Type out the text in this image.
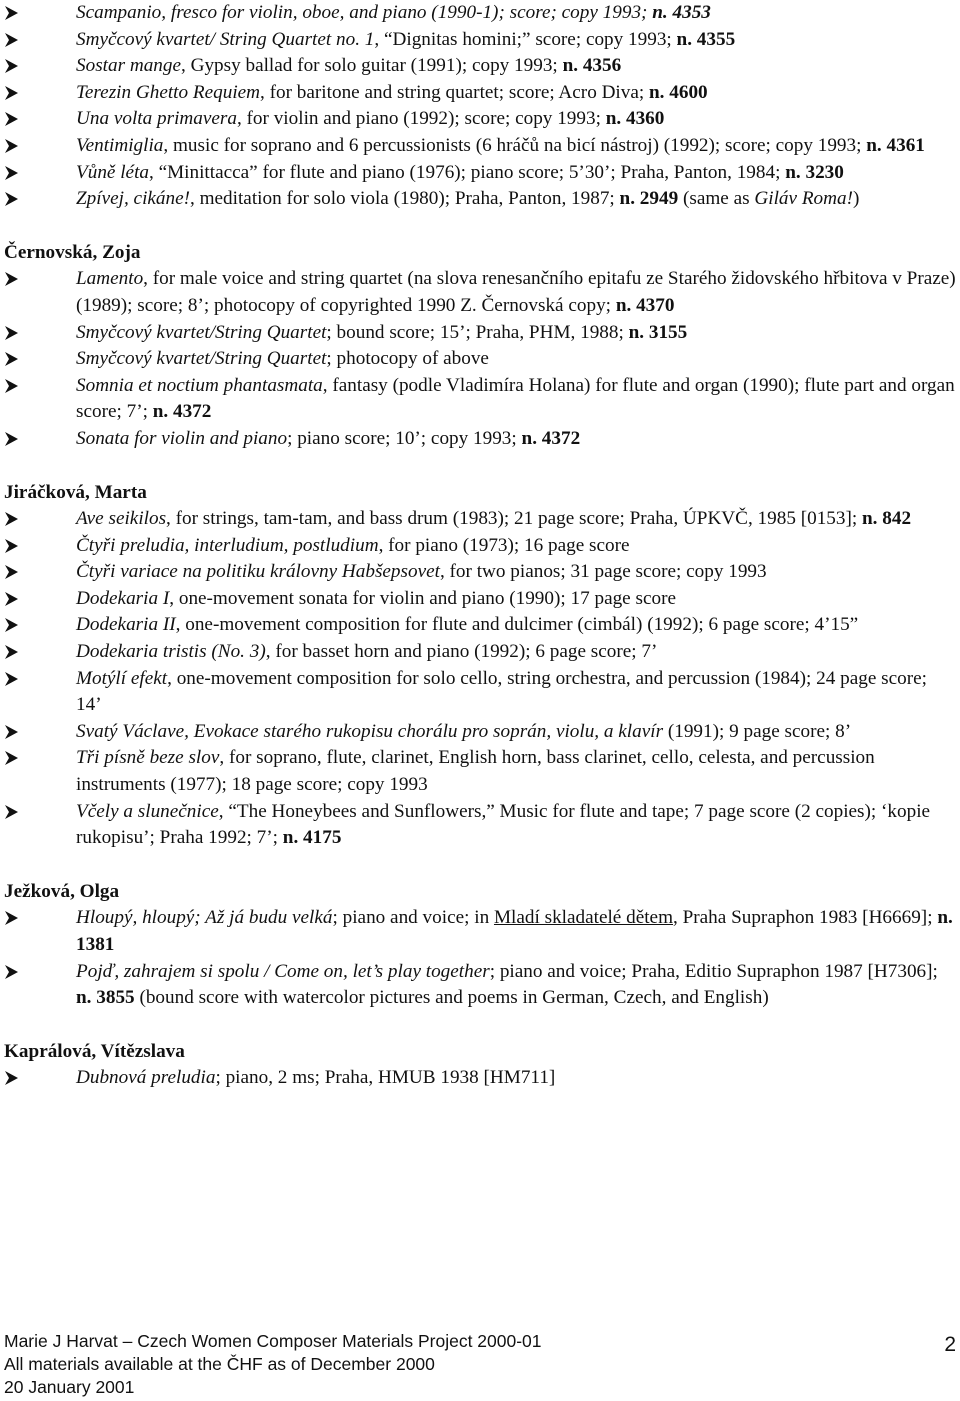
Scampanio, fresco for violin, oboe, and piano (1990-1); score; copy 1993; n. 4353
Smyčcový kvartet/ String Quartet no. 1, “Dignitas homini;” score; copy 1993; n. 4355
Sostar mange, Gypsy ballad for solo guitar (1991); copy 1993; n. 4356
Terezin Ghetto Requiem, for baritone and string quartet; score; Acro Diva; n. 4600
Una volta primavera, for violin and piano (1992); score; copy 1993; n. 4360
Ventimiglia, music for soprano and 6 percussionists (6 hráčů na bicí nástroj) (1992); score; copy 1993; n. 4361
Vůně léta, “Minittacca” for flute and piano (1976); piano score; 5’30’; Praha, Panton, 1984; n. 3230
Zpívej, cikáne!, meditation for solo viola (1980); Praha, Panton, 1987; n. 2949 (same as Giláv Roma!)
Černovská, Zoja
Lamento, for male voice and string quartet (na slova renesančního epitafu ze Starého židovského hřbitova v Praze) (1989); score; 8’; photocopy of copyrighted 1990 Z. Černovská copy; n. 4370
Smyčcový kvartet/String Quartet; bound score; 15’; Praha, PHM, 1988; n. 3155
Smyčcový kvartet/String Quartet; photocopy of above
Somnia et noctium phantasmata, fantasy (podle Vladimíra Holana) for flute and organ (1990); flute part and organ score; 7’; n. 4372
Sonata for violin and piano; piano score; 10’; copy 1993; n. 4372
Jiráčková, Marta
Ave seikilos, for strings, tam-tam, and bass drum (1983); 21 page score; Praha, ÚPKVČ, 1985 [0153]; n. 842
Čtyři preludia, interludium, postludium, for piano (1973); 16 page score
Čtyři variace na politiku královny Habšepsovet, for two pianos; 31 page score; copy 1993
Dodekaria I, one-movement sonata for violin and piano (1990); 17 page score
Dodekaria II, one-movement composition for flute and dulcimer (cimbál) (1992); 6 page score; 4’15”
Dodekaria tristis (No. 3), for basset horn and piano (1992); 6 page score; 7’
Motýlí efekt, one-movement composition for solo cello, string orchestra, and percussion (1984); 24 page score; 14’
Svatý Václave, Evokace starého rukopisu chorálu pro soprán, violu, a klavír (1991); 9 page score; 8’
Tři písně beze slov, for soprano, flute, clarinet, English horn, bass clarinet, cello, celesta, and percussion instruments (1977); 18 page score; copy 1993
Včely a slunečnice, “The Honeybees and Sunflowers,” Music for flute and tape; 7 page score (2 copies); ‘kopie rukopisu’; Praha 1992; 7’; n. 4175
Ježková, Olga
Hloupý, hloupý; Až já budu velká; piano and voice; in Mladí skladatelé dětem, Praha Supraphon 1983 [H6669]; n. 1381
Pojď, zahrajem si spolu / Come on, let’s play together; piano and voice; Praha, Editio Supraphon 1987 [H7306]; n. 3855 (bound score with watercolor pictures and poems in German, Czech, and English)
Kaprálová, Vítězslava
Dubnová preludia; piano, 2 ms; Praha, HMUB 1938 [HM711]
Marie J Harvat – Czech Women Composer Materials Project 2000-01
All materials available at the ČHF as of December 2000
20 January 2001
2
